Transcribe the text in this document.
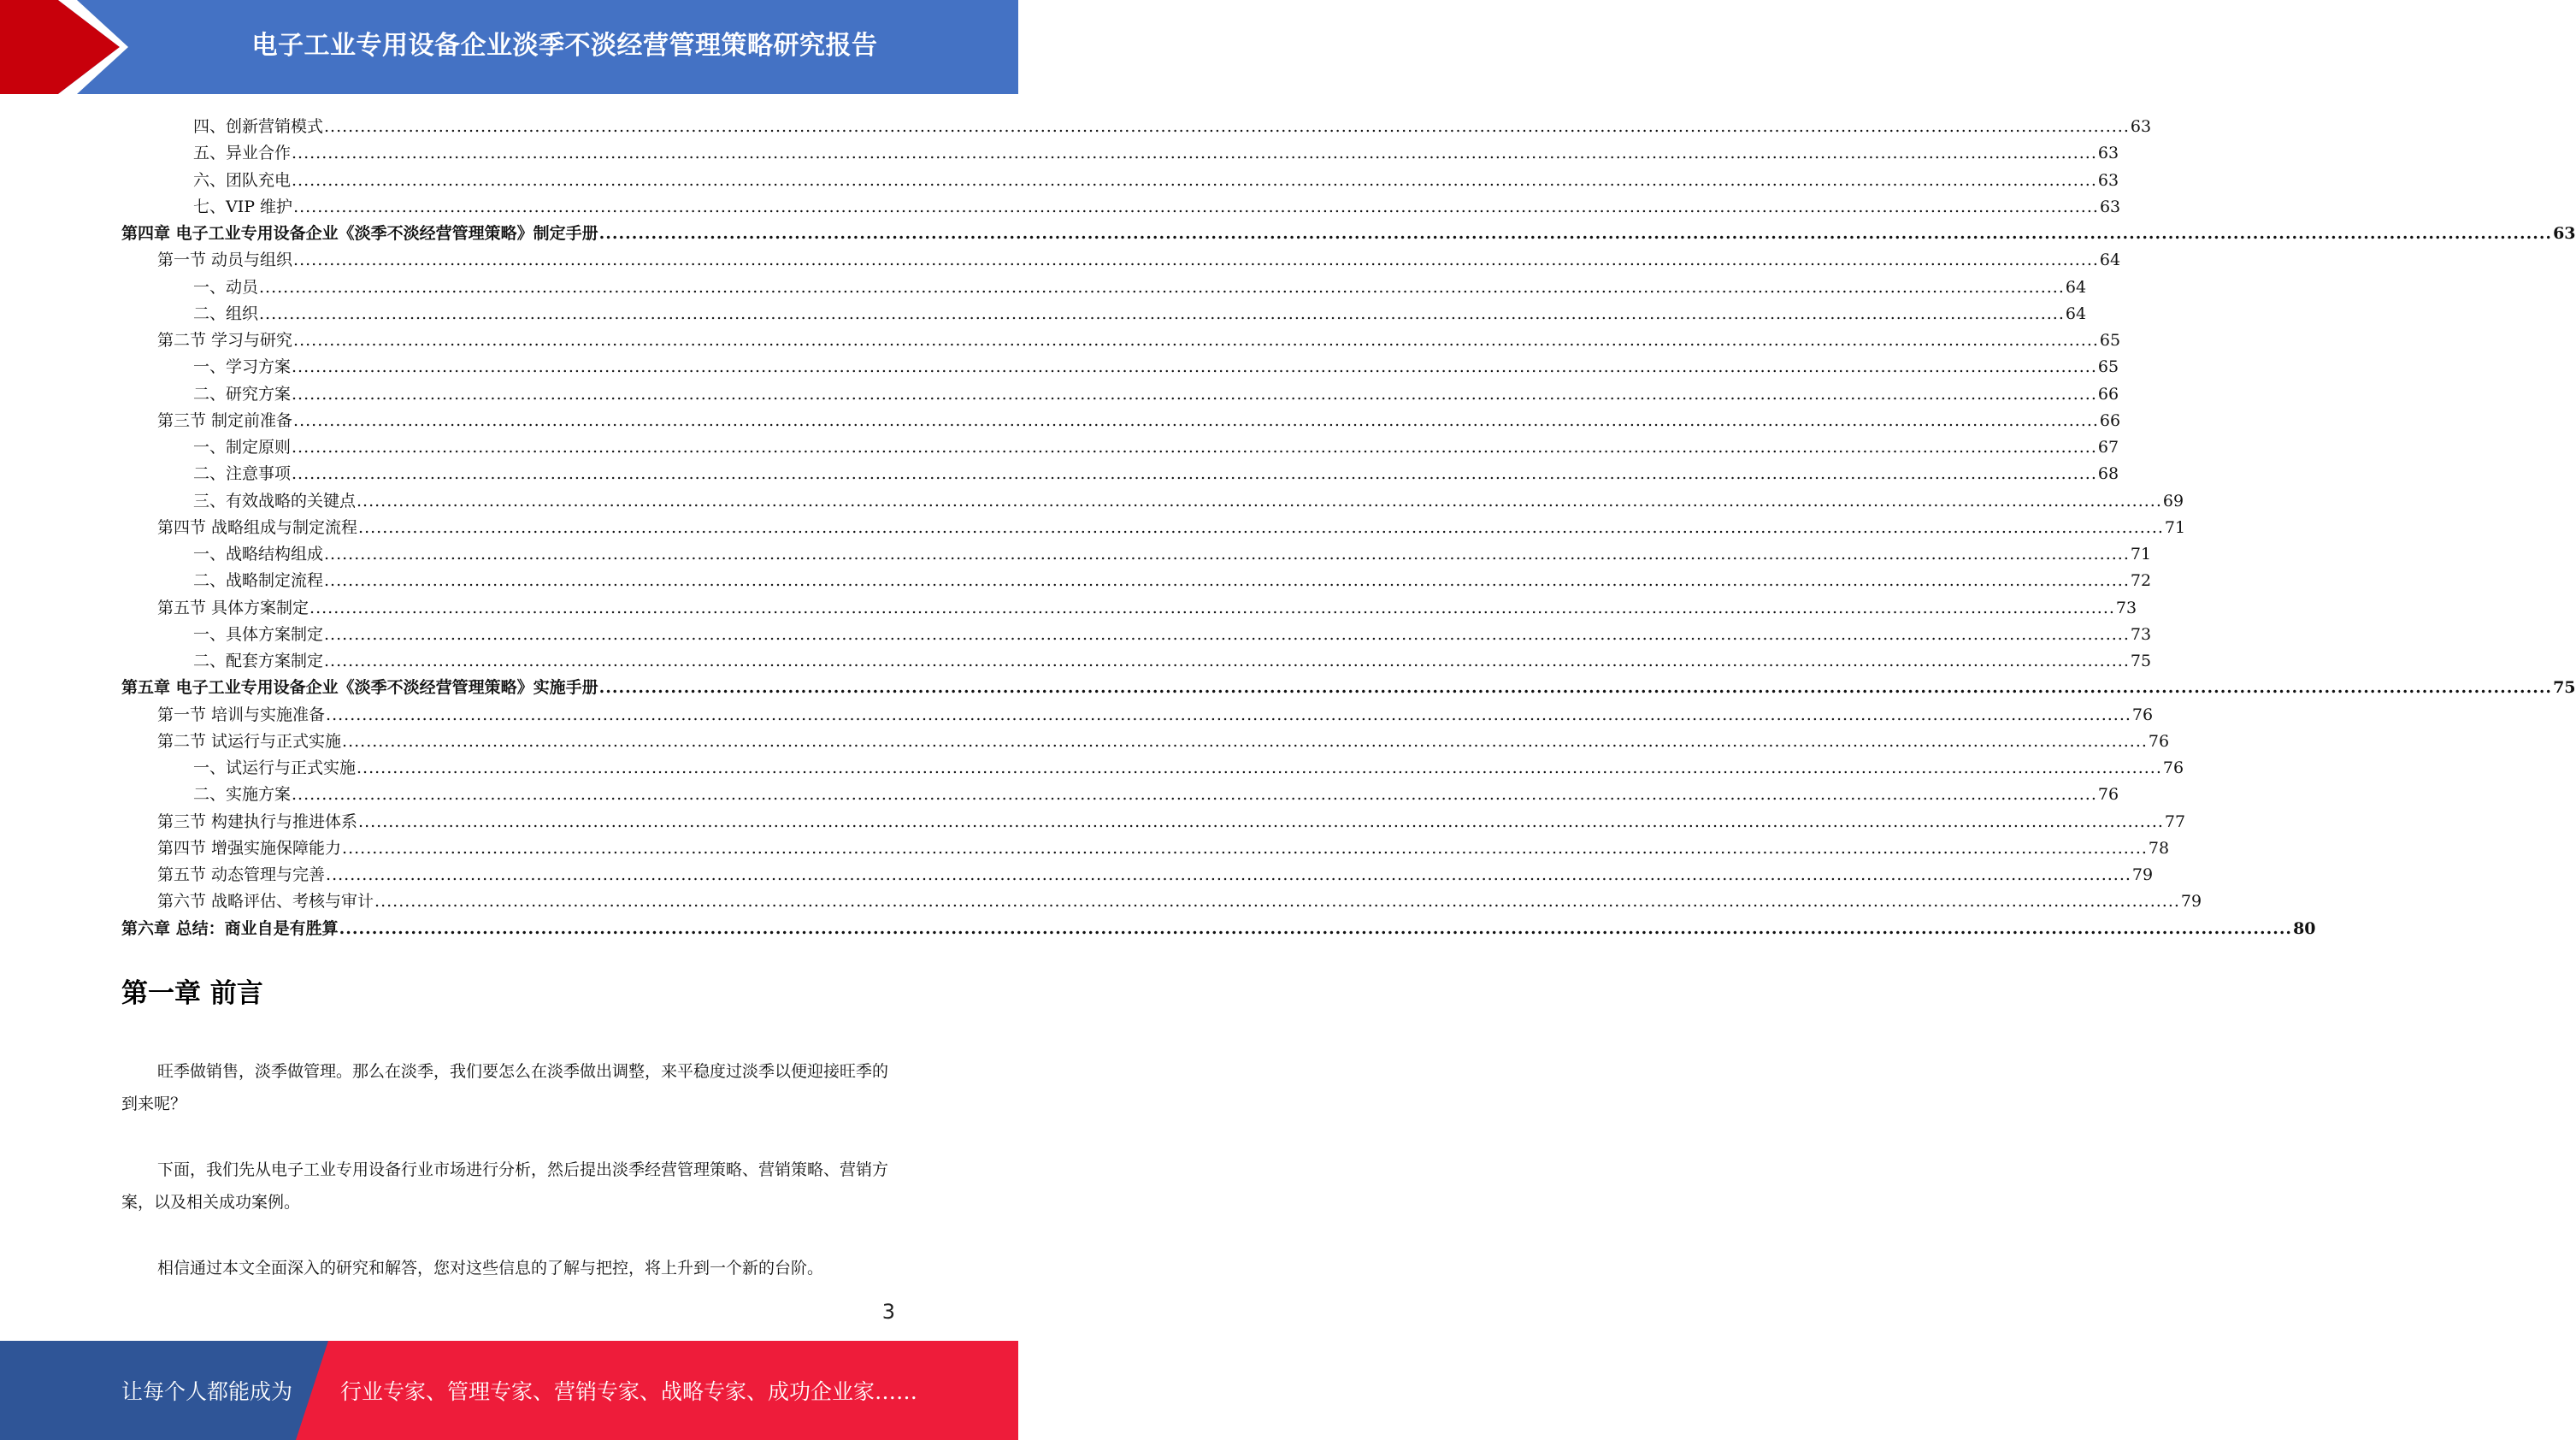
电子工业专用设备企业淡季不淡经营管理策略研究报告
四、创新营销模式 ............................................................................................................................................................................................................................................................................................................ 63
五、异业合作 ............................................................................................................................................................................................................................................................................................................ 63
六、团队充电 ............................................................................................................................................................................................................................................................................................................ 63
七、VIP 维护 ............................................................................................................................................................................................................................................................................................................ 63
第四章 电子工业专用设备企业《淡季不淡经营管理策略》制定手册 ............................................................................................................................................................................................................................................................................................................ 63
第一节 动员与组织 ............................................................................................................................................................................................................................................................................................................ 64
一、动员 ............................................................................................................................................................................................................................................................................................................ 64
二、组织 ............................................................................................................................................................................................................................................................................................................ 64
第二节 学习与研究 ............................................................................................................................................................................................................................................................................................................ 65
一、学习方案 ............................................................................................................................................................................................................................................................................................................ 65
二、研究方案 ............................................................................................................................................................................................................................................................................................................ 66
第三节 制定前准备 ............................................................................................................................................................................................................................................................................................................ 66
一、制定原则 ............................................................................................................................................................................................................................................................................................................ 67
二、注意事项 ............................................................................................................................................................................................................................................................................................................ 68
三、有效战略的关键点 ............................................................................................................................................................................................................................................................................................................ 69
第四节 战略组成与制定流程 ............................................................................................................................................................................................................................................................................................................ 71
一、战略结构组成 ............................................................................................................................................................................................................................................................................................................ 71
二、战略制定流程 ............................................................................................................................................................................................................................................................................................................ 72
第五节 具体方案制定 ............................................................................................................................................................................................................................................................................................................ 73
一、具体方案制定 ............................................................................................................................................................................................................................................................................................................ 73
二、配套方案制定 ............................................................................................................................................................................................................................................................................................................ 75
第五章 电子工业专用设备企业《淡季不淡经营管理策略》实施手册 ............................................................................................................................................................................................................................................................................................................ 75
第一节 培训与实施准备 ............................................................................................................................................................................................................................................................................................................ 76
第二节 试运行与正式实施 ............................................................................................................................................................................................................................................................................................................ 76
一、试运行与正式实施 ............................................................................................................................................................................................................................................................................................................ 76
二、实施方案 ............................................................................................................................................................................................................................................................................................................ 76
第三节 构建执行与推进体系 ............................................................................................................................................................................................................................................................................................................ 77
第四节 增强实施保障能力 ............................................................................................................................................................................................................................................................................................................ 78
第五节 动态管理与完善 ............................................................................................................................................................................................................................................................................................................ 79
第六节 战略评估、考核与审计 ............................................................................................................................................................................................................................................................................................................ 79
第六章 总结：商业自是有胜算 ............................................................................................................................................................................................................................................................................................................ 80
第一章 前言

旺季做销售，淡季做管理。那么在淡季，我们要怎么在淡季做出调整，来平稳度过淡季以便迎接旺季的到来呢？

下面，我们先从电子工业专用设备行业市场进行分析，然后提出淡季经营管理策略、营销策略、营销方案，以及相关成功案例。

相信通过本文全面深入的研究和解答，您对这些信息的了解与把控，将上升到一个新的台阶。

3
让每个人都能成为 行业专家、管理专家、营销专家、战略专家、成功企业家……
